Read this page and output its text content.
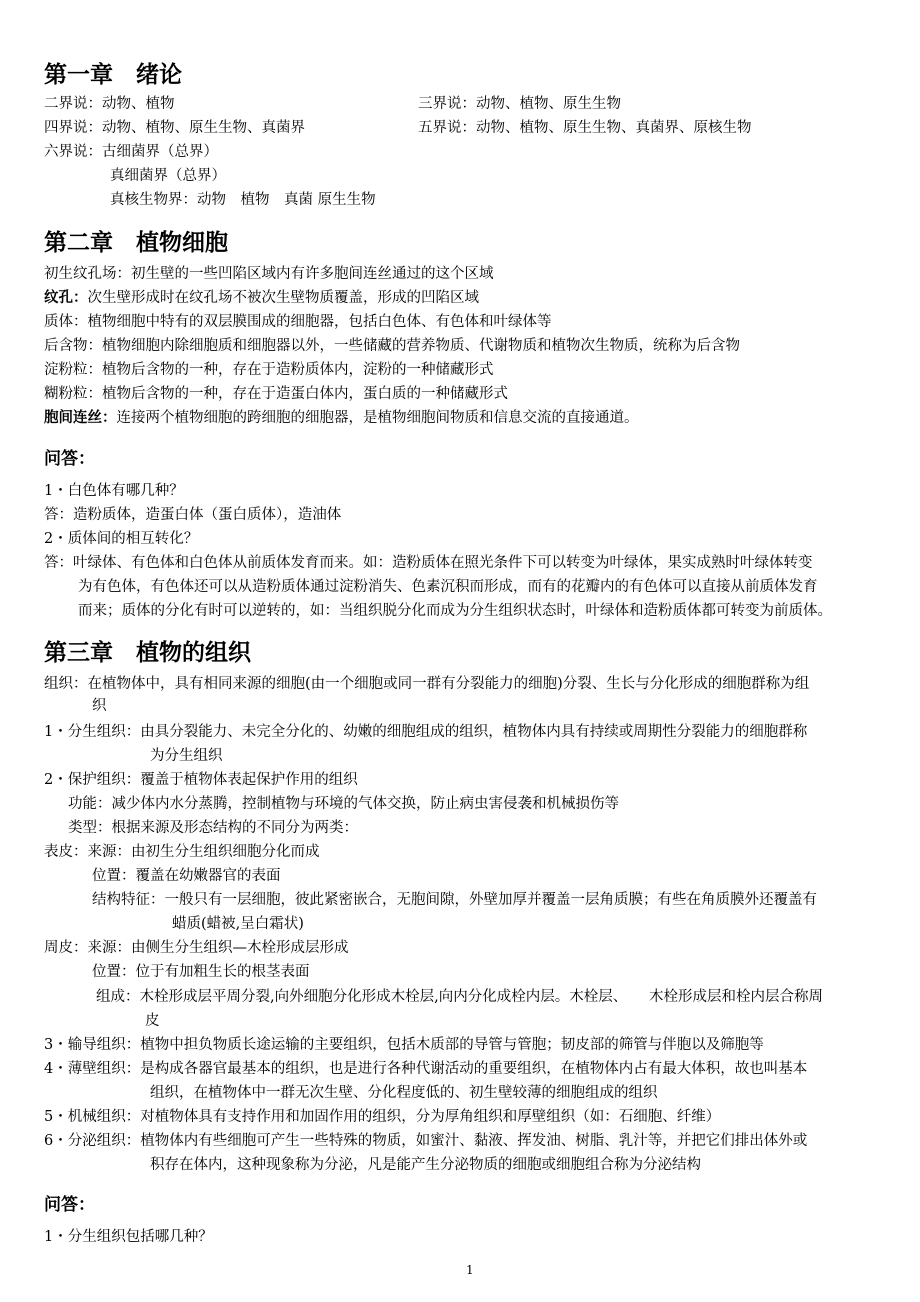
第一章　绪论
二界说：动物、植物	三界说：动物、植物、原生生物
四界说：动物、植物、原生生物、真菌界	五界说：动物、植物、原生生物、真菌界、原核生物
六界说：古细菌界（总界）
真细菌界（总界）
真核生物界：动物　植物　真菌 原生生物
第二章　植物细胞
初生纹孔场：初生壁的一些凹陷区域内有许多胞间连丝通过的这个区域
纹孔：次生壁形成时在纹孔场不被次生壁物质覆盖，形成的凹陷区域
质体：植物细胞中特有的双层膜围成的细胞器，包括白色体、有色体和叶绿体等
后含物：植物细胞内除细胞质和细胞器以外，一些储藏的营养物质、代谢物质和植物次生物质，统称为后含物
淀粉粒：植物后含物的一种，存在于造粉质体内，淀粉的一种储藏形式
糊粉粒：植物后含物的一种，存在于造蛋白体内，蛋白质的一种储藏形式
胞间连丝：连接两个植物细胞的跨细胞的细胞器，是植物细胞间物质和信息交流的直接通道。
问答：
1・白色体有哪几种？
答：造粉质体，造蛋白体（蛋白质体），造油体
2・质体间的相互转化？
答：叶绿体、有色体和白色体从前质体发育而来。如：造粉质体在照光条件下可以转变为叶绿体，果实成熟时叶绿体转变
为有色体，有色体还可以从造粉质体通过淀粉消失、色素沉积而形成，而有的花瓣内的有色体可以直接从前质体发育
而来；质体的分化有时可以逆转的，如：当组织脱分化而成为分生组织状态时，叶绿体和造粉质体都可转变为前质体。
第三章　植物的组织
组织：在植物体中，具有相同来源的细胞(由一个细胞或同一群有分裂能力的细胞)分裂、生长与分化形成的细胞群称为组
织
1・分生组织：由具分裂能力、未完全分化的、幼嫩的细胞组成的组织，植物体内具有持续或周期性分裂能力的细胞群称
为分生组织
2・保护组织：覆盖于植物体表起保护作用的组织
功能：减少体内水分蒸腾，控制植物与环境的气体交换，防止病虫害侵袭和机械损伤等
类型：根据来源及形态结构的不同分为两类：
表皮：来源：由初生分生组织细胞分化而成
位置：覆盖在幼嫩器官的表面
结构特征：一般只有一层细胞，彼此紧密嵌合，无胞间隙，外壁加厚并覆盖一层角质膜；有些在角质膜外还覆盖有
蜡质(蜡被,呈白霜状)
周皮：来源：由侧生分生组织—木栓形成层形成
位置：位于有加粗生长的根茎表面
组成：木栓形成层平周分裂,向外细胞分化形成木栓层,向内分化成栓内层。木栓层、　　木栓形成层和栓内层合称周
皮
3・输导组织：植物中担负物质长途运输的主要组织，包括木质部的导管与管胞；韧皮部的筛管与伴胞以及筛胞等
4・薄壁组织：是构成各器官最基本的组织，也是进行各种代谢活动的重要组织，在植物体内占有最大体积，故也叫基本
组织，在植物体中一群无次生壁、分化程度低的、初生壁较薄的细胞组成的组织
5・机械组织：对植物体具有支持作用和加固作用的组织，分为厚角组织和厚壁组织（如：石细胞、纤维）
6・分泌组织：植物体内有些细胞可产生一些特殊的物质，如蜜汁、黏液、挥发油、树脂、乳汁等，并把它们排出体外或
积存在体内，这种现象称为分泌，凡是能产生分泌物质的细胞或细胞组合称为分泌结构
问答：
1・分生组织包括哪几种？
1
